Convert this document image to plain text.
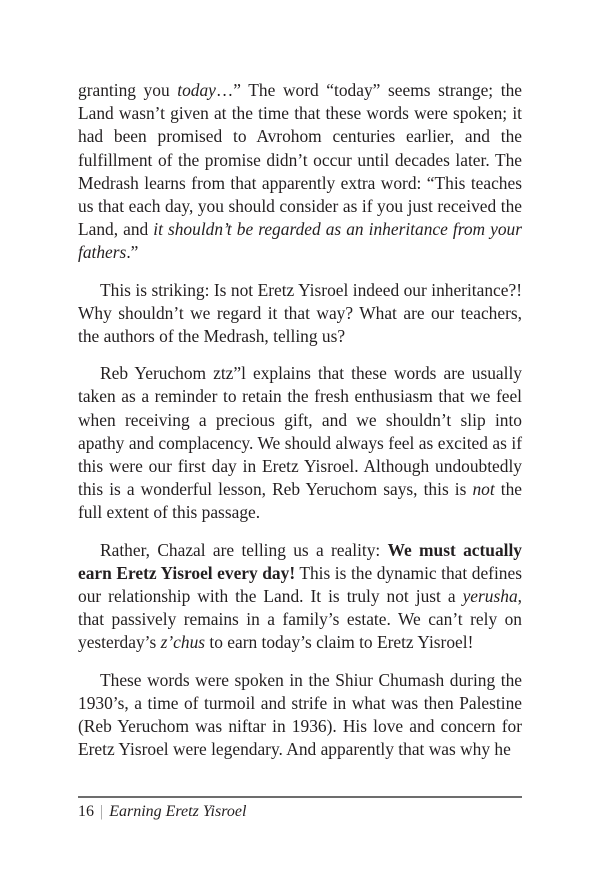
granting you today…” The word “today” seems strange; the Land wasn’t given at the time that these words were spoken; it had been promised to Avrohom centuries earlier, and the fulfillment of the promise didn’t occur until decades later. The Medrash learns from that apparently extra word: “This teaches us that each day, you should consider as if you just received the Land, and it shouldn’t be regarded as an inheritance from your fathers.”

This is striking: Is not Eretz Yisroel indeed our inheritance?! Why shouldn’t we regard it that way? What are our teachers, the authors of the Medrash, telling us?

Reb Yeruchom ztz”l explains that these words are usually taken as a reminder to retain the fresh enthusiasm that we feel when receiving a precious gift, and we shouldn’t slip into apathy and complacency. We should always feel as excited as if this were our first day in Eretz Yisroel. Although undoubtedly this is a wonderful lesson, Reb Yeruchom says, this is not the full extent of this passage.

Rather, Chazal are telling us a reality: We must actually earn Eretz Yisroel every day! This is the dynamic that defines our relationship with the Land. It is truly not just a yerusha, that passively remains in a family’s estate. We can’t rely on yesterday’s z’chus to earn today’s claim to Eretz Yisroel!

These words were spoken in the Shiur Chumash during the 1930’s, a time of turmoil and strife in what was then Palestine (Reb Yeruchom was niftar in 1936). His love and concern for Eretz Yisroel were legendary. And apparently that was why he

16 | Earning Eretz Yisroel
